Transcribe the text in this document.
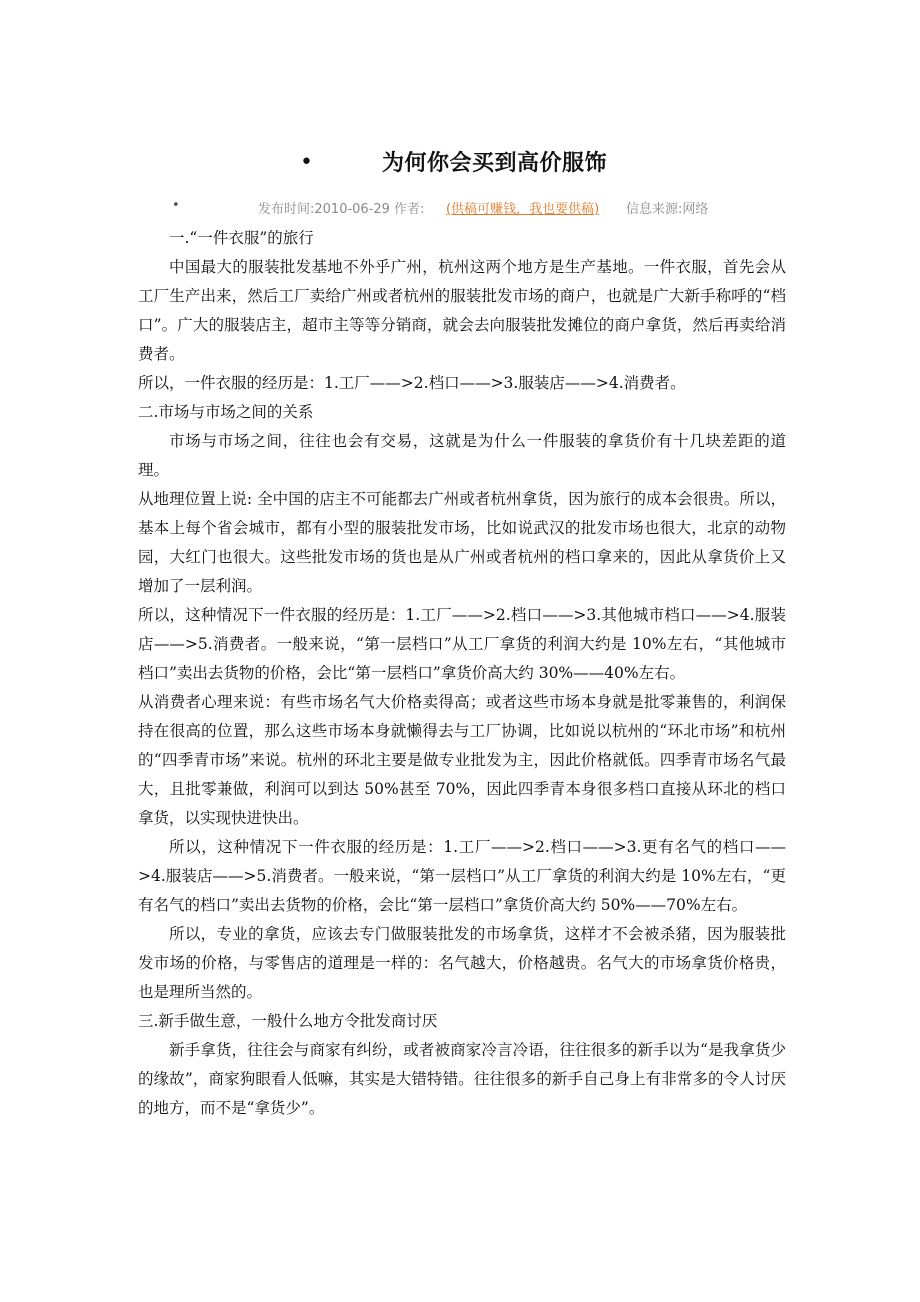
•	为何你会买到高价服饰
•	发布时间:2010-06-29 作者: (供稿可赚钱，我也要供稿) 信息来源:网络

一.“一件衣服”的旅行

中国最大的服装批发基地不外乎广州，杭州这两个地方是生产基地。一件衣服，首先会从工厂生产出来，然后工厂卖给广州或者杭州的服装批发市场的商户，也就是广大新手称呼的“档口”。广大的服装店主，超市主等等分销商，就会去向服装批发摊位的商户拿货，然后再卖给消费者。

所以，一件衣服的经历是：1.工厂——>2.档口——>3.服装店——>4.消费者。

二.市场与市场之间的关系

市场与市场之间，往往也会有交易，这就是为什么一件服装的拿货价有十几块差距的道理。

从地理位置上说: 全中国的店主不可能都去广州或者杭州拿货，因为旅行的成本会很贵。所以，基本上每个省会城市，都有小型的服装批发市场，比如说武汉的批发市场也很大，北京的动物园，大红门也很大。这些批发市场的货也是从广州或者杭州的档口拿来的，因此从拿货价上又增加了一层利润。

所以，这种情况下一件衣服的经历是：1.工厂——>2.档口——>3.其他城市档口——>4.服装店——>5.消费者。一般来说，“第一层档口”从工厂拿货的利润大约是 10%左右，“其他城市档口”卖出去货物的价格，会比“第一层档口”拿货价高大约 30%——40%左右。

从消费者心理来说：有些市场名气大价格卖得高；或者这些市场本身就是批零兼售的，利润保持在很高的位置，那么这些市场本身就懒得去与工厂协调，比如说以杭州的“环北市场”和杭州的“四季青市场”来说。杭州的环北主要是做专业批发为主，因此价格就低。四季青市场名气最大，且批零兼做，利润可以到达 50%甚至 70%，因此四季青本身很多档口直接从环北的档口拿货，以实现快进快出。

所以，这种情况下一件衣服的经历是：1.工厂——>2.档口——>3.更有名气的档口——>4.服装店——>5.消费者。一般来说，“第一层档口”从工厂拿货的利润大约是 10%左右，“更有名气的档口”卖出去货物的价格，会比“第一层档口”拿货价高大约 50%——70%左右。

所以，专业的拿货，应该去专门做服装批发的市场拿货，这样才不会被杀猪，因为服装批发市场的价格，与零售店的道理是一样的：名气越大，价格越贵。名气大的市场拿货价格贵，也是理所当然的。

三.新手做生意，一般什么地方令批发商讨厌

新手拿货，往往会与商家有纠纷，或者被商家冷言冷语，往往很多的新手以为“是我拿货少的缘故”，商家狗眼看人低嘛，其实是大错特错。往往很多的新手自己身上有非常多的令人讨厌的地方，而不是“拿货少”。
